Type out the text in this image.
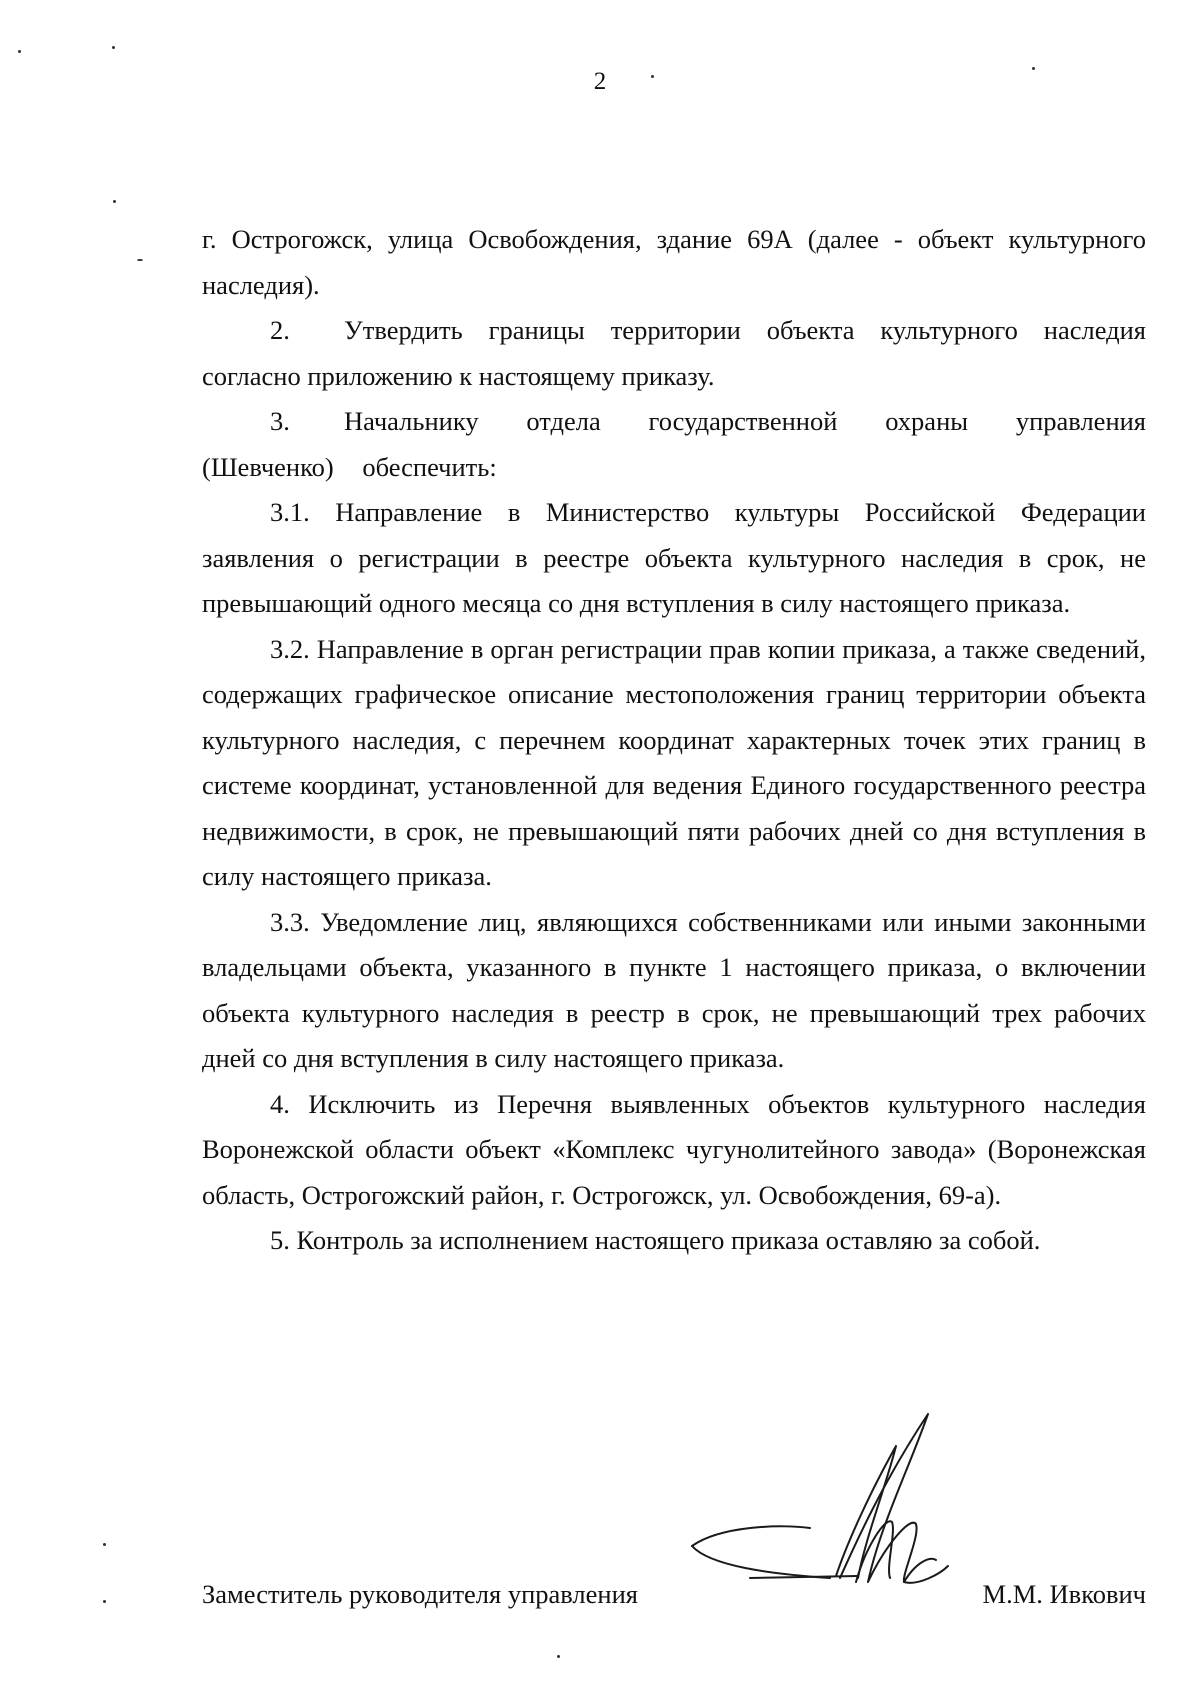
2

г. Острогожск, улица Освобождения, здание 69А (далее - объект культурного наследия).

2. Утвердить границы территории объекта культурного наследия согласно приложению к настоящему приказу.

3. Начальнику отдела государственной охраны управления (Шевченко) обеспечить:

3.1. Направление в Министерство культуры Российской Федерации заявления о регистрации в реестре объекта культурного наследия в срок, не превышающий одного месяца со дня вступления в силу настоящего приказа.

3.2. Направление в орган регистрации прав копии приказа, а также сведений, содержащих графическое описание местоположения границ территории объекта культурного наследия, с перечнем координат характерных точек этих границ в системе координат, установленной для ведения Единого государственного реестра недвижимости, в срок, не превышающий пяти рабочих дней со дня вступления в силу настоящего приказа.

3.3. Уведомление лиц, являющихся собственниками или иными законными владельцами объекта, указанного в пункте 1 настоящего приказа, о включении объекта культурного наследия в реестр в срок, не превышающий трех рабочих дней со дня вступления в силу настоящего приказа.

4. Исключить из Перечня выявленных объектов культурного наследия Воронежской области объект «Комплекс чугунолитейного завода» (Воронежская область, Острогожский район, г. Острогожск, ул. Освобождения, 69-а).

5. Контроль за исполнением настоящего приказа оставляю за собой.

Заместитель руководителя управления	М.М. Ивкович
